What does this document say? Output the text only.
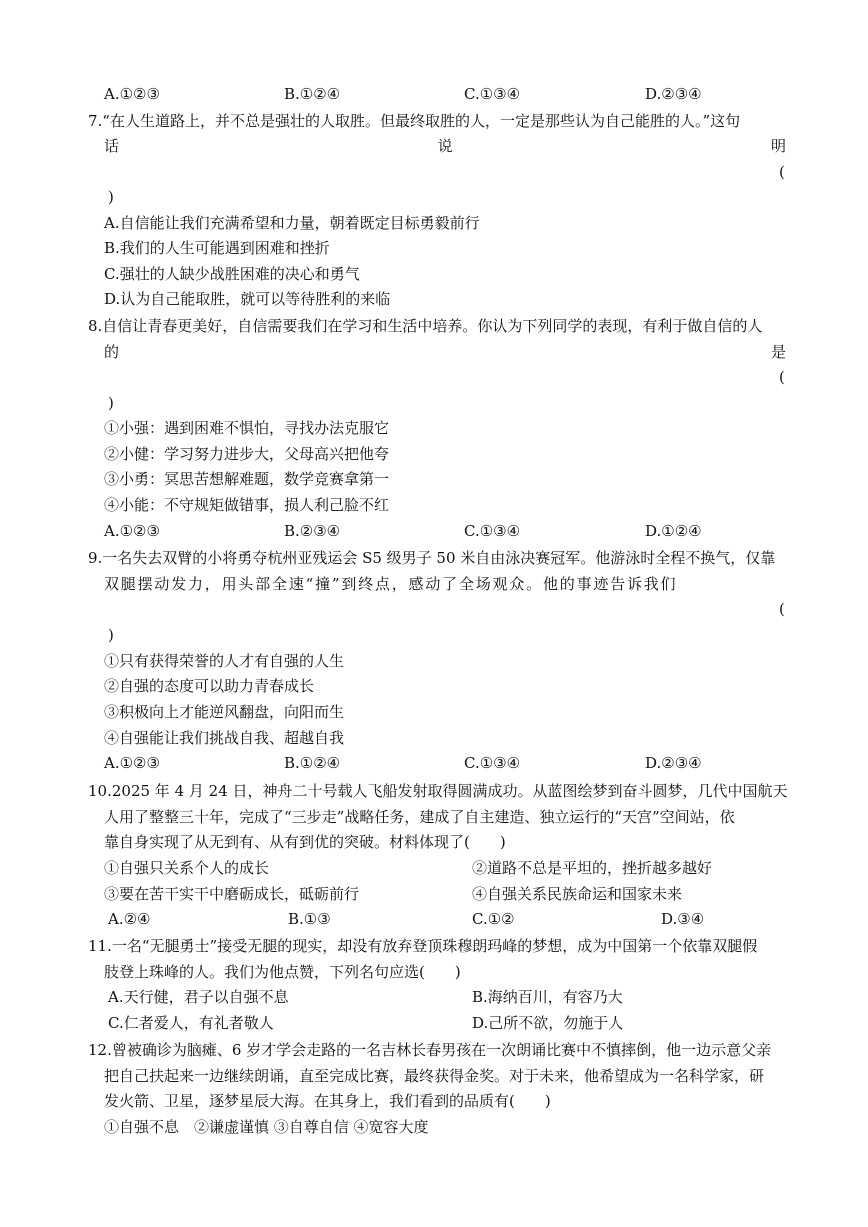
A.①②③	B.①②④	C.①③④	D.②③④
7.“在人生道路上，并不总是强壮的人取胜。但最终取胜的人，一定是那些认为自己能胜的人。”这句
话	说	明
(
)
A.自信能让我们充满希望和力量，朝着既定目标勇毅前行
B.我们的人生可能遇到困难和挫折
C.强壮的人缺少战胜困难的决心和勇气
D.认为自己能取胜，就可以等待胜利的来临
8.自信让青春更美好，自信需要我们在学习和生活中培养。你认为下列同学的表现，有利于做自信的人
的	是
(
)
①小强：遇到困难不惧怕，寻找办法克服它
②小健：学习努力进步大，父母高兴把他夸
③小勇：冥思苦想解难题，数学竞赛拿第一
④小能：不守规矩做错事，损人利己脸不红
A.①②③	B.②③④	C.①③④	D.①②④
9.一名失去双臂的小将勇夺杭州亚残运会 S5 级男子 50 米自由泳决赛冠军。他游泳时全程不换气，仅靠
双腿摆动发力，用头部全速“撞”到终点，感动了全场观众。他的事迹告诉我们
(
)
①只有获得荣誉的人才有自强的人生
②自强的态度可以助力青春成长
③积极向上才能逆风翻盘，向阳而生
④自强能让我们挑战自我、超越自我
A.①②③	B.①②④	C.①③④	D.②③④
10.2025 年 4 月 24 日，神舟二十号载人飞船发射取得圆满成功。从蓝图绘梦到奋斗圆梦，几代中国航天
人用了整整三十年，完成了“三步走”战略任务，建成了自主建造、独立运行的“天宫”空间站，依
靠自身实现了从无到有、从有到优的突破。材料体现了(　　)
①自强只关系个人的成长	②道路不总是平坦的，挫折越多越好
③要在苦干实干中磨砺成长，砥砺前行	④自强关系民族命运和国家未来
A.②④	B.①③	C.①②	D.③④
11.一名“无腿勇士”接受无腿的现实，却没有放弃登顶珠穆朗玛峰的梦想，成为中国第一个依靠双腿假
肢登上珠峰的人。我们为他点赞，下列名句应选(　　)
A.天行健，君子以自强不息	B.海纳百川，有容乃大
C.仁者爱人，有礼者敬人	D.己所不欲，勿施于人
12.曾被确诊为脑瘫、6 岁才学会走路的一名吉林长春男孩在一次朗诵比赛中不慎摔倒，他一边示意父亲
把自己扶起来一边继续朗诵，直至完成比赛，最终获得金奖。对于未来，他希望成为一名科学家，研
发火箭、卫星，逐梦星辰大海。在其身上，我们看到的品质有(　　)
①自强不息　②谦虚谨慎 ③自尊自信 ④宽容大度
